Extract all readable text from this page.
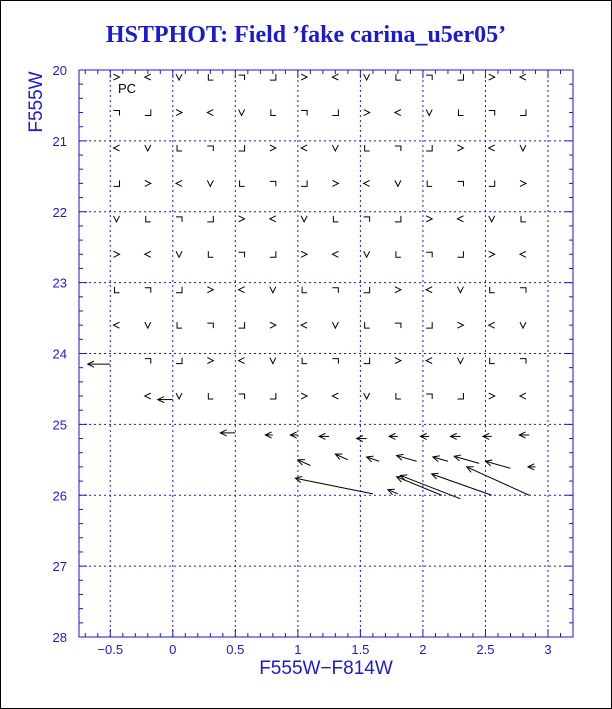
HSTPHOT: Field ’fake carina_u5er05’
−0.5	0	0.5	1	1.5	2	2.5	3
20
21
22
23
24
25
26
27
28
PC
F555W−F814W
F555W
